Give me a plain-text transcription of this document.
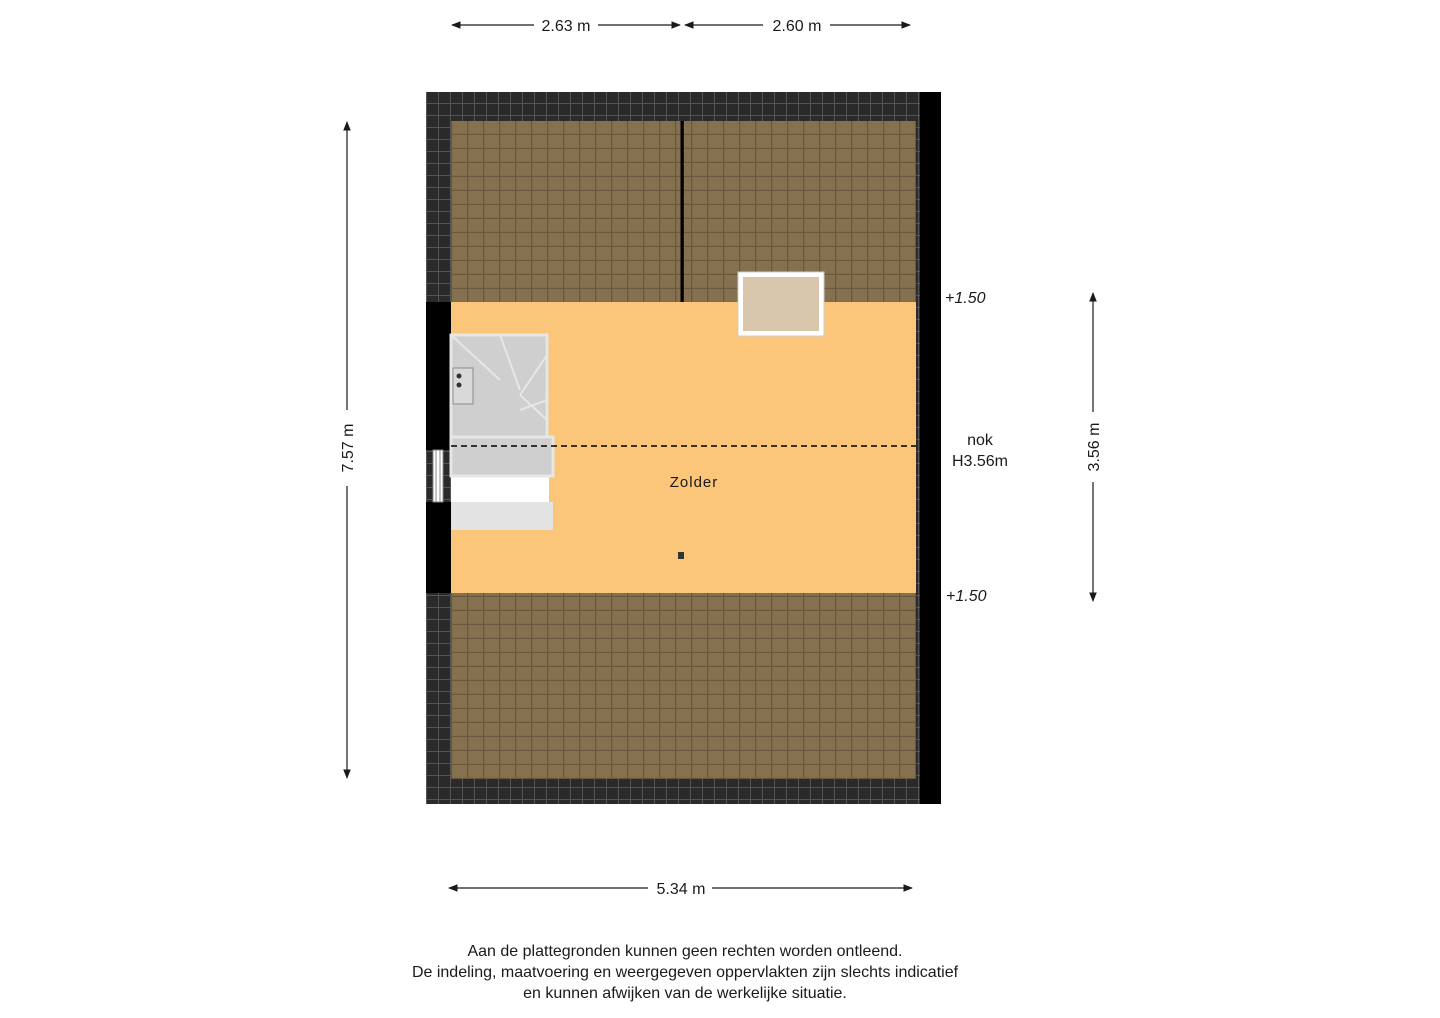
Zolder
nok
H3.56m
+1.50
+1.50
2.63 m	2.60 m
5.34 m
7.57 m	3.56 m
Aan de plattegronden kunnen geen rechten worden ontleend.
De indeling, maatvoering en weergegeven oppervlakten zijn slechts indicatief
en kunnen afwijken van de werkelijke situatie.
